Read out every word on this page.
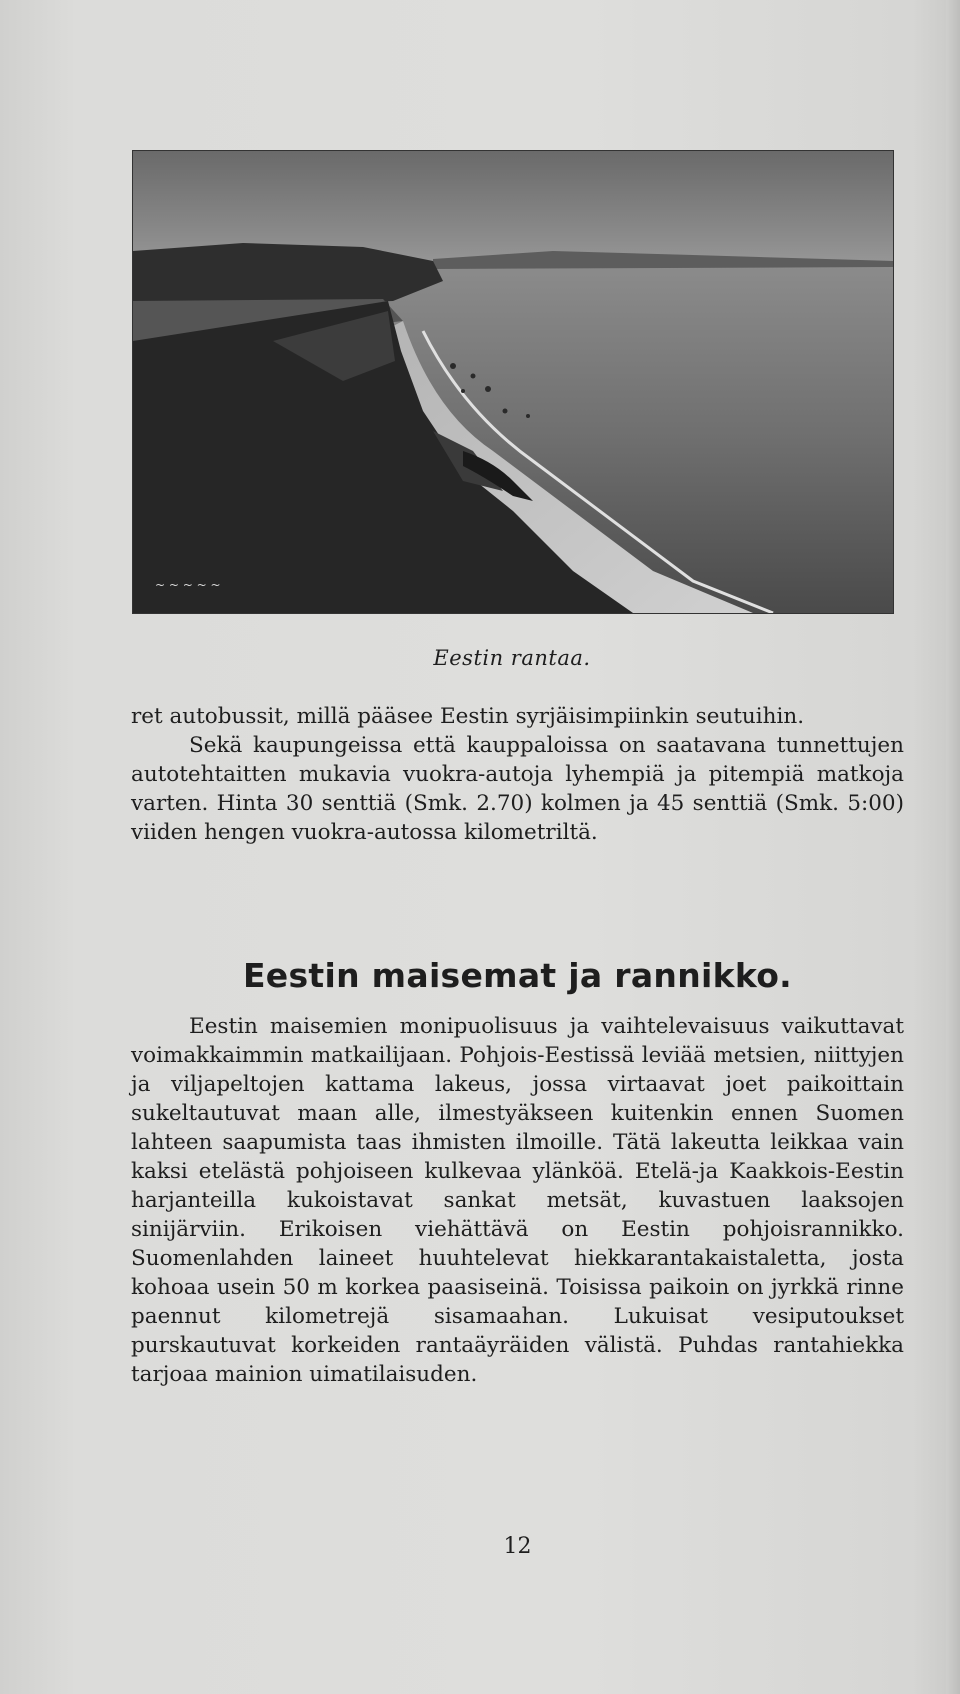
~ ~ ~ ~ ~
Eestin rantaa.

ret autobussit, millä pääsee Eestin syrjäisimpiinkin seutuihin.

Sekä kaupungeissa että kauppaloissa on saatavana tunnettujen autotehtaitten mukavia vuokra-autoja lyhempiä ja pitempiä matkoja varten. Hinta 30 senttiä (Smk. 2.70) kolmen ja 45 senttiä (Smk. 5:00) viiden hengen vuokra-autossa kilometriltä.

Eestin maisemat ja rannikko.

Eestin maisemien monipuolisuus ja vaihtelevaisuus vaikuttavat voimakkaimmin matkailijaan. Pohjois-Eestissä leviää metsien, niittyjen ja viljapeltojen kattama lakeus, jossa virtaavat joet paikoittain sukeltautuvat maan alle, ilmestyäkseen kuitenkin ennen Suomen lahteen saapumista taas ihmisten ilmoille. Tätä lakeutta leikkaa vain kaksi etelästä pohjoiseen kulkevaa ylänköä. Etelä-ja Kaakkois-Eestin harjanteilla kukoistavat sankat metsät, kuvastuen laaksojen sinijärviin. Erikoisen viehättävä on Eestin pohjoisrannikko. Suomenlahden laineet huuhtelevat hiekkarantakaistaletta, josta kohoaa usein 50 m korkea paasiseinä. Toisissa paikoin on jyrkkä rinne paennut kilometrejä sisamaahan. Lukuisat vesiputoukset purskautuvat korkeiden rantaäyräiden välistä. Puhdas rantahiekka tarjoaa mainion uimatilaisuden.

12
